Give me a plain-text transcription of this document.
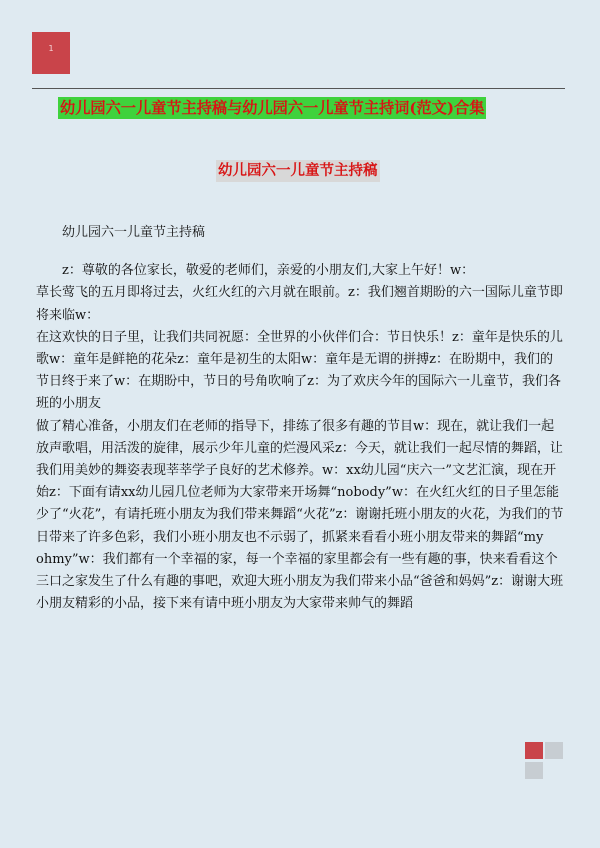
1
幼儿园六一儿童节主持稿与幼儿园六一儿童节主持词(范文)合集
幼儿园六一儿童节主持稿

幼儿园六一儿童节主持稿

z：尊敬的各位家长，敬爱的老师们，亲爱的小朋友们,大家上午好！w：

草长莺飞的五月即将过去，火红火红的六月就在眼前。z：我们翘首期盼的六一国际儿童节即将来临w：

在这欢快的日子里，让我们共同祝愿：全世界的小伙伴们合：节日快乐！z：童年是快乐的儿歌w：童年是鲜艳的花朵z：童年是初生的太阳w：童年是无谓的拼搏z：在盼期中，我们的节日终于来了w：在期盼中，节日的号角吹响了z：为了欢庆今年的国际六一儿童节，我们各班的小朋友

做了精心准备，小朋友们在老师的指导下，排练了很多有趣的节目w：现在，就让我们一起放声歌唱，用活泼的旋律，展示少年儿童的烂漫风采z：今天，就让我们一起尽情的舞蹈，让我们用美妙的舞姿表现莘莘学子良好的艺术修养。w：xx幼儿园“庆六一”文艺汇演，现在开始z：下面有请xx幼儿园几位老师为大家带来开场舞“nobody”w：在火红火红的日子里怎能少了“火花”，有请托班小朋友为我们带来舞蹈“火花”z：谢谢托班小朋友的火花，为我们的节日带来了许多色彩，我们小班小朋友也不示弱了，抓紧来看看小班小朋友带来的舞蹈“my

ohmy”w：我们都有一个幸福的家，每一个幸福的家里都会有一些有趣的事，快来看看这个三口之家发生了什么有趣的事吧，欢迎大班小朋友为我们带来小品“爸爸和妈妈”z：谢谢大班小朋友精彩的小品，接下来有请中班小朋友为大家带来帅气的舞蹈
